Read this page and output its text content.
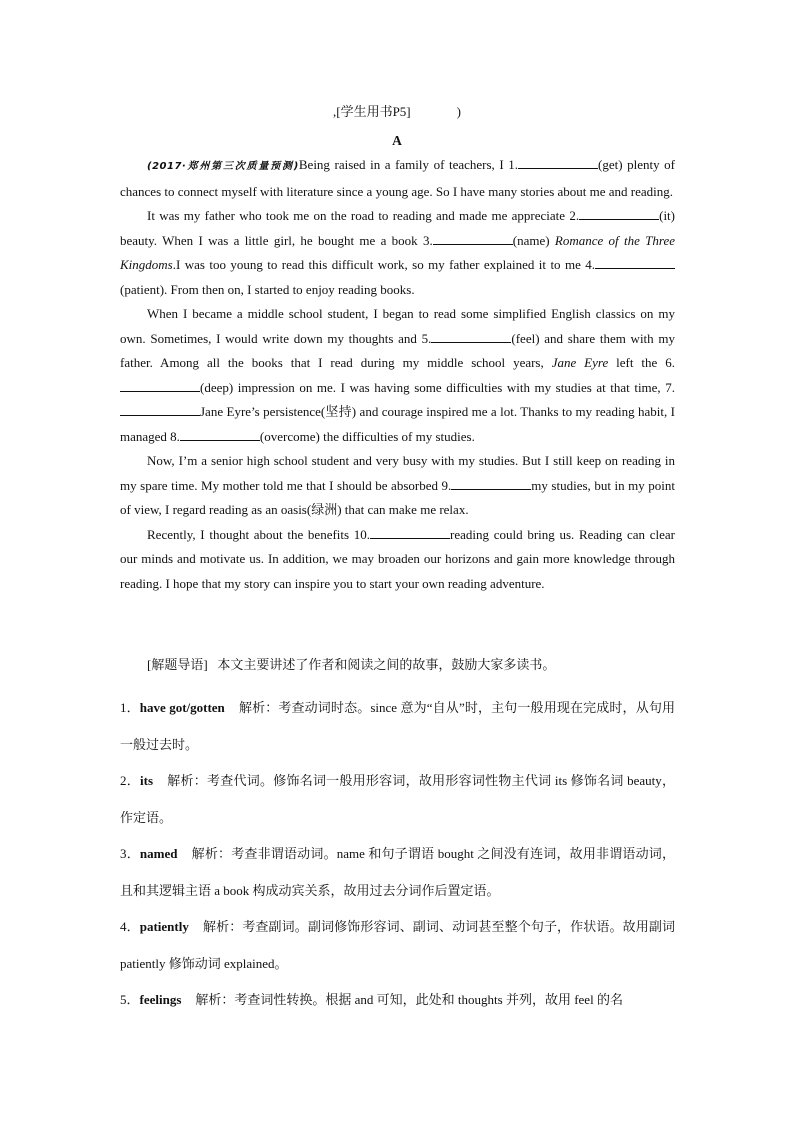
,[学生用书P5]	)
A

(2017·郑州第三次质量预测)Being raised in a family of teachers, I 1.	(get) plenty of chances to connect myself with literature since a young age. So I have many stories about me and reading.

It was my father who took me on the road to reading and made me appreciate 2.	(it) beauty. When I was a little girl, he bought me a book 3.	(name) Romance of the Three Kingdoms.I was too young to read this difficult work, so my father explained it to me 4.(patient). From then on, I started to enjoy reading books.

When I became a middle school student, I began to read some simplified English classics on my own. Sometimes, I would write down my thoughts and 5.	(feel) and share them with my father. Among all the books that I read during my middle school years, Jane Eyre left the 6.(deep) impression on me. I was having some difficulties with my studies at that time, 7.Jane Eyre’s persistence(坚持) and courage inspired me a lot. Thanks to my reading habit, I managed 8.	(overcome) the difficulties of my studies.

Now, I’m a senior high school student and very busy with my studies. But I still keep on reading in my spare time. My mother told me that I should be absorbed 9.	my studies, but in my point of view, I regard reading as an oasis(绿洲) that can make me relax.

Recently, I thought about the benefits 10.	reading could bring us. Reading can clear our minds and motivate us. In addition, we may broaden our horizons and gain more knowledge through reading. I hope that my story can inspire you to start your own reading adventure.

[解题导语] 本文主要讲述了作者和阅读之间的故事，鼓励大家多读书。

1．have got/gotten 解析：考查动词时态。since 意为“自从”时，主句一般用现在完成时，从句用一般过去时。

2．its 解析：考查代词。修饰名词一般用形容词，故用形容词性物主代词 its 修饰名词 beauty，作定语。

3．named 解析：考查非谓语动词。name 和句子谓语 bought 之间没有连词，故用非谓语动词，且和其逻辑主语 a book 构成动宾关系，故用过去分词作后置定语。

4．patiently 解析：考查副词。副词修饰形容词、副词、动词甚至整个句子，作状语。故用副词 patiently 修饰动词 explained。

5．feelings 解析：考查词性转换。根据 and 可知，此处和 thoughts 并列，故用 feel 的名
